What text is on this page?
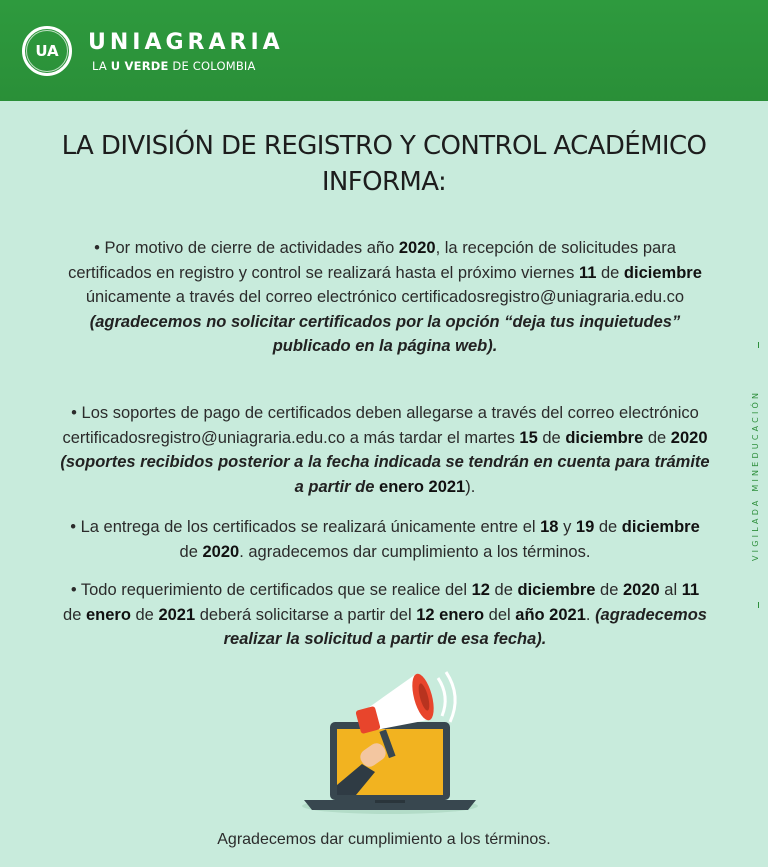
UA	UNIAGRARIA
LA U VERDE DE COLOMBIA
LA DIVISIÓN DE REGISTRO Y CONTROL ACADÉMICO
INFORMA:
• Por motivo de cierre de actividades año 2020, la recepción de solicitudes para certificados en registro y control se realizará hasta el próximo viernes 11 de diciembre únicamente a través del correo electrónico certificadosregistro@uniagraria.edu.co (agradecemos no solicitar certificados por la opción “deja tus inquietudes” publicado en la página web).
• Los soportes de pago de certificados deben allegarse a través del correo electrónico certificadosregistro@uniagraria.edu.co a más tardar el martes 15 de diciembre de 2020 (soportes recibidos posterior a la fecha indicada se tendrán en cuenta para trámite a partir de enero 2021).
• La entrega de los certificados se realizará únicamente entre el 18 y 19 de diciembre de 2020. agradecemos dar cumplimiento a los términos.
• Todo requerimiento de certificados que se realice del 12 de diciembre de 2020 al 11 de enero de 2021 deberá solicitarse a partir del 12 enero del año 2021. (agradecemos realizar la solicitud a partir de esa fecha).
VIGILADA MINEDUCACIÓN
Agradecemos dar cumplimiento a los términos.
